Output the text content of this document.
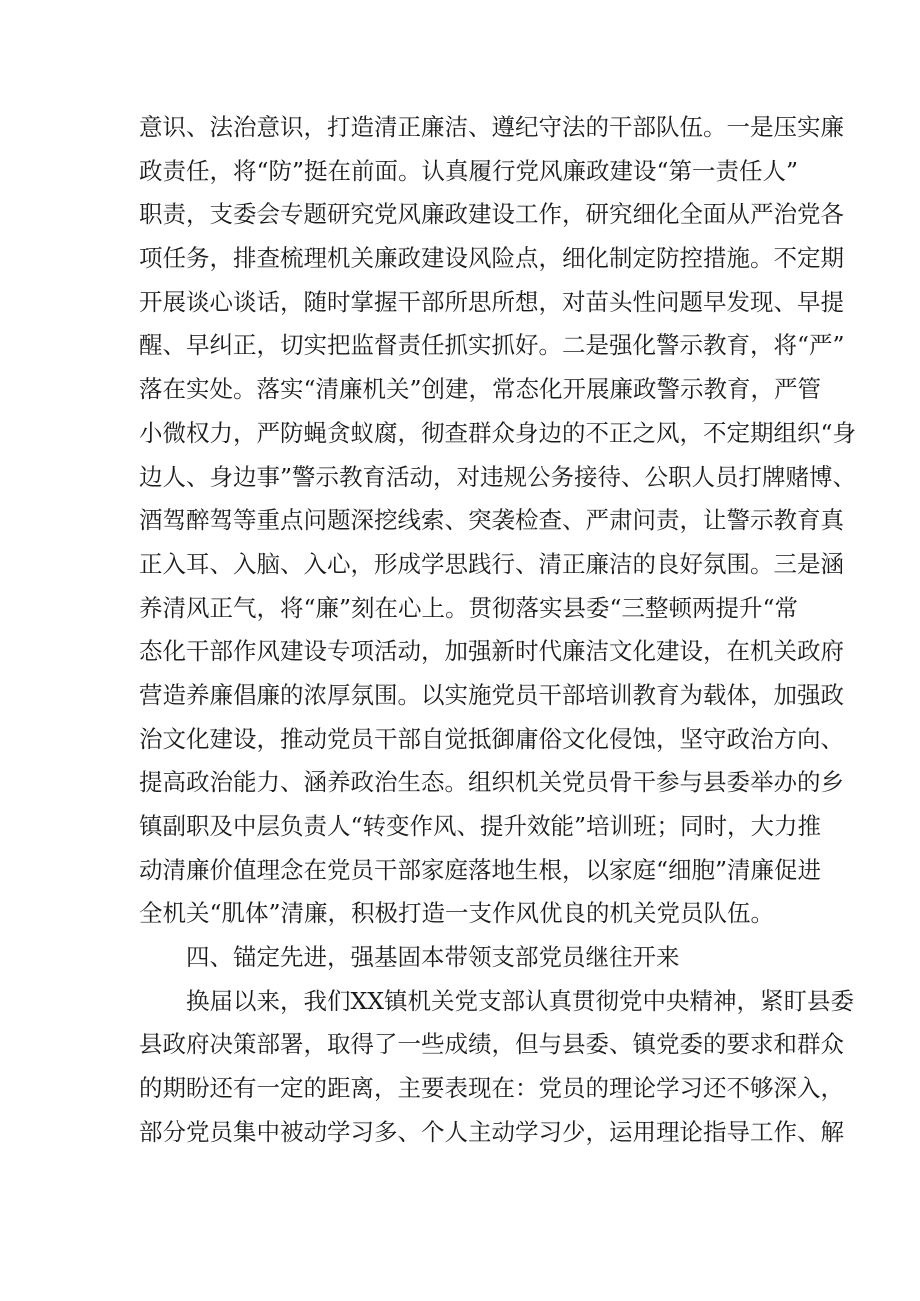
意识、法治意识，打造清正廉洁、遵纪守法的干部队伍。一是压实廉
政责任，将“防”挺在前面。认真履行党风廉政建设“第一责任人”
职责，支委会专题研究党风廉政建设工作，研究细化全面从严治党各
项任务，排查梳理机关廉政建设风险点，细化制定防控措施。不定期
开展谈心谈话，随时掌握干部所思所想，对苗头性问题早发现、早提
醒、早纠正，切实把监督责任抓实抓好。二是强化警示教育，将“严”
落在实处。落实“清廉机关”创建，常态化开展廉政警示教育，严管
小微权力，严防蝇贪蚁腐，彻查群众身边的不正之风，不定期组织“身
边人、身边事”警示教育活动，对违规公务接待、公职人员打牌赌博、
酒驾醉驾等重点问题深挖线索、突袭检查、严肃问责，让警示教育真
正入耳、入脑、入心，形成学思践行、清正廉洁的良好氛围。三是涵
养清风正气，将“廉”刻在心上。贯彻落实县委“三整顿两提升“常
态化干部作风建设专项活动，加强新时代廉洁文化建设，在机关政府
营造养廉倡廉的浓厚氛围。以实施党员干部培训教育为载体，加强政
治文化建设，推动党员干部自觉抵御庸俗文化侵蚀，坚守政治方向、
提高政治能力、涵养政治生态。组织机关党员骨干参与县委举办的乡
镇副职及中层负责人“转变作风、提升效能”培训班；同时，大力推
动清廉价值理念在党员干部家庭落地生根，以家庭“细胞”清廉促进
全机关“肌体”清廉，积极打造一支作风优良的机关党员队伍。
四、锚定先进，强基固本带领支部党员继往开来
换届以来，我们XX镇机关党支部认真贯彻党中央精神，紧盯县委
县政府决策部署，取得了一些成绩，但与县委、镇党委的要求和群众
的期盼还有一定的距离，主要表现在：党员的理论学习还不够深入，
部分党员集中被动学习多、个人主动学习少，运用理论指导工作、解
